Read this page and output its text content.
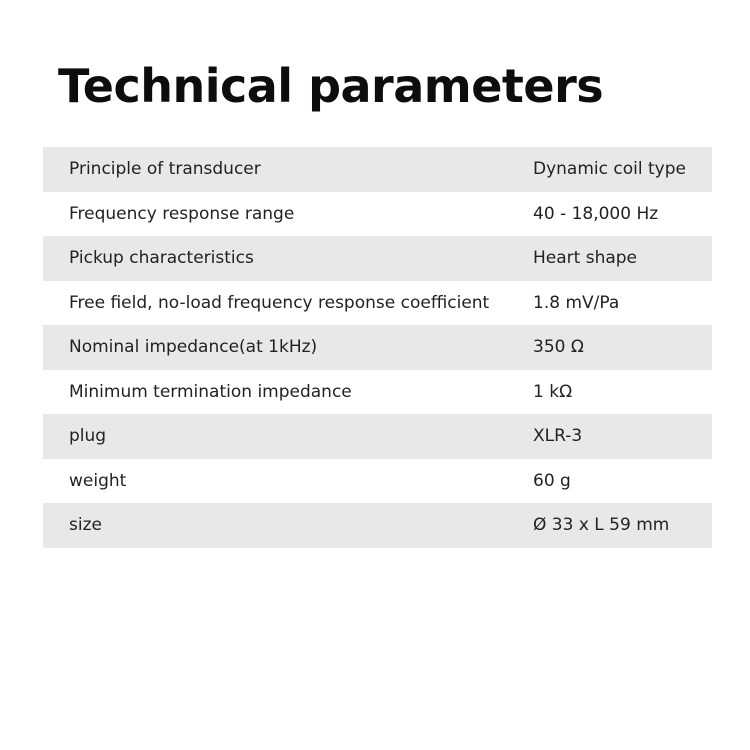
Technical parameters
Principle of transducer	Dynamic coil type
Frequency response range	40 - 18,000 Hz
Pickup characteristics	Heart shape
Free field, no-load frequency response coefficient	1.8 mV/Pa
Nominal impedance(at 1kHz)	350 Ω
Minimum termination impedance	1 kΩ
plug	XLR-3
weight	60 g
size	Ø 33 x L 59 mm
